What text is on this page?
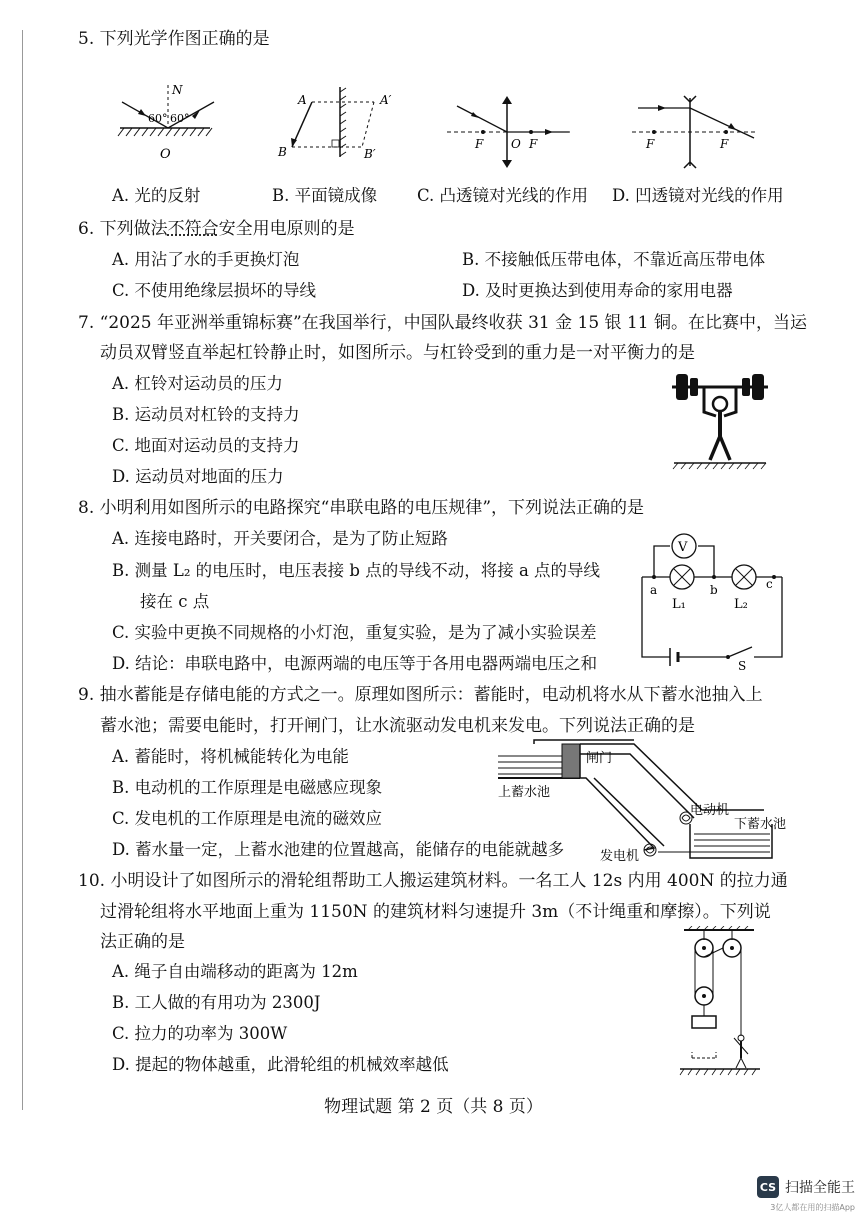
5. 下列光学作图正确的是
N
60° 60°
O
A	A′
B	B′
F O F	F	F
A. 光的反射	B. 平面镜成像 C. 凸透镜对光线的作用 D. 凹透镜对光线的作用
6. 下列做法不符合安全用电原则的是
A. 用沾了水的手更换灯泡	B. 不接触低压带电体，不靠近高压带电体
C. 不使用绝缘层损坏的导线	D. 及时更换达到使用寿命的家用电器
7. “2025 年亚洲举重锦标赛”在我国举行，中国队最终收获 31 金 15 银 11 铜。在比赛中，当运
动员双臂竖直举起杠铃静止时，如图所示。与杠铃受到的重力是一对平衡力的是
A. 杠铃对运动员的压力
B. 运动员对杠铃的支持力
C. 地面对运动员的支持力
D. 运动员对地面的压力
8. 小明利用如图所示的电路探究“串联电路的电压规律”，下列说法正确的是
A. 连接电路时，开关要闭合，是为了防止短路
B. 测量 L₂ 的电压时，电压表接 b 点的导线不动，将接 a 点的导线
接在 c 点
C. 实验中更换不同规格的小灯泡，重复实验，是为了减小实验误差
D. 结论：串联电路中，电源两端的电压等于各用电器两端电压之和
V
a	b	c
L₁	L₂
S
9. 抽水蓄能是存储电能的方式之一。原理如图所示：蓄能时，电动机将水从下蓄水池抽入上
蓄水池；需要电能时，打开闸门，让水流驱动发电机来发电。下列说法正确的是
A. 蓄能时，将机械能转化为电能
B. 电动机的工作原理是电磁感应现象
C. 发电机的工作原理是电流的磁效应
D. 蓄水量一定，上蓄水池建的位置越高，能储存的电能就越多
闸门
上蓄水池
电动机
下蓄水池
发电机
10. 小明设计了如图所示的滑轮组帮助工人搬运建筑材料。一名工人 12s 内用 400N 的拉力通
过滑轮组将水平地面上重为 1150N 的建筑材料匀速提升 3m（不计绳重和摩擦）。下列说
法正确的是
A. 绳子自由端移动的距离为 12m
B. 工人做的有用功为 2300J
C. 拉力的功率为 300W
D. 提起的物体越重，此滑轮组的机械效率越低
物理试题 第 2 页（共 8 页）
CS 扫描全能王
3亿人都在用的扫描App
